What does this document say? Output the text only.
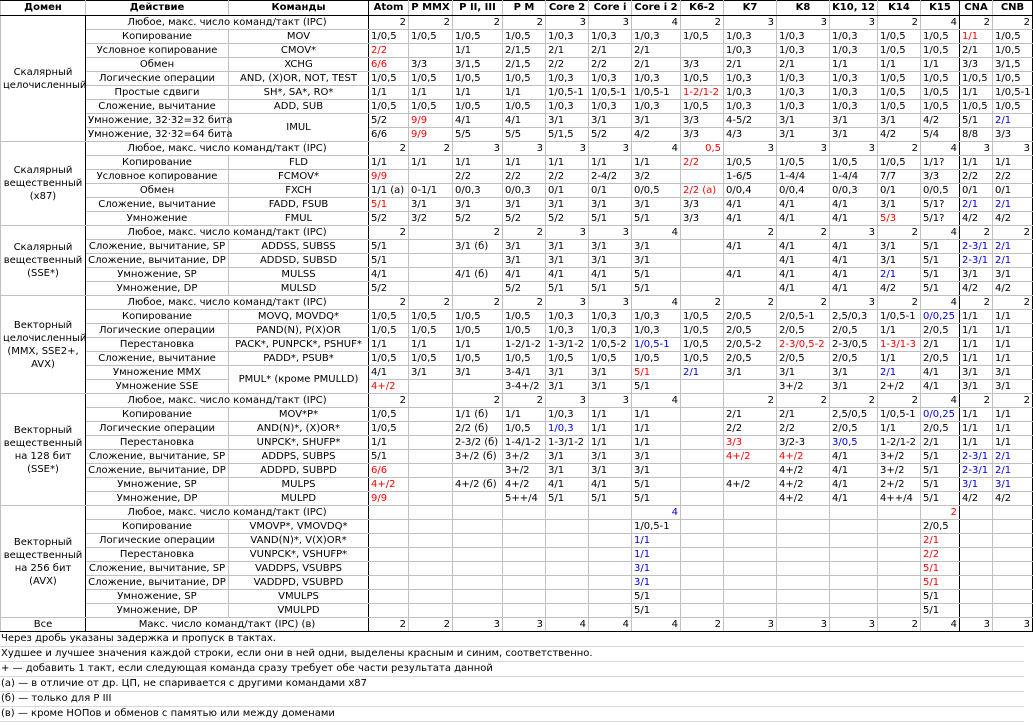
Домен	Действие	Команды	Atom	P MMX	P II, III	P M	Core 2	Core i	Core i 2	K6-2	K7	K8	K10, 12	K14	K15	CNA	CNB
Скалярный целочисленный	Любое, макс. число команд/такт (IPC)		2	2	2	2	3	3	4	2	3	3	3	2	4	2	2
	Копирование	MOV	1/0,5	1/0,5	1/0,5	1/0,5	1/0,3	1/0,3	1/0,3	1/0,5	1/0,3	1/0,3	1/0,3	1/0,5	1/0,5	1/1	1/0,5
	Условное копирование	CMOV*	2/2		1/1	2/1,5	2/1	2/1	2/1		1/0,3	1/0,3	1/0,3	1/0,5	1/0,5	2/1	1/0,5
	Обмен	XCHG	6/6	3/3	3/1,5	2/1,5	2/2	2/2	2/1	3/3	2/1	2/1	1/1	1/1	1/1	3/3	3/1,5
	Логические операции	AND, (X)OR, NOT, TEST	1/0,5	1/0,5	1/0,5	1/0,5	1/0,3	1/0,3	1/0,3	1/0,5	1/0,3	1/0,3	1/0,3	1/0,5	1/0,5	1/0,5	1/0,5
	Простые сдвиги	SH*, SA*, RO*	1/1	1/1	1/1	1/1	1/0,5-1	1/0,5-1	1/0,5-1	1-2/1-2	1/0,3	1/0,3	1/0,3	1/0,5	1/0,5	1/1	1/0,5-1
	Сложение, вычитание	ADD, SUB	1/0,5	1/0,5	1/0,5	1/0,5	1/0,3	1/0,3	1/0,3	1/0,5	1/0,3	1/0,3	1/0,3	1/0,5	1/0,5	1/0,5	1/0,5
	Умножение, 32·32=32 бита	IMUL	5/2	9/9	4/1	4/1	3/1	3/1	3/1	3/3	4-5/2	3/1	3/1	3/1	4/2	5/1	2/1
	Умножение, 32·32=64 бита		6/6	9/9	5/5	5/5	5/1,5	5/2	4/2	3/3	4/3	3/1	3/1	4/2	5/4	8/8	3/3
Скалярный вещественный (x87)	Любое, макс. число команд/такт (IPC)		2	2	3	3	3	3	4	0,5	3	3	3	2	4	3	3
	Копирование	FLD	1/1	1/1	1/1	1/1	1/1	1/1	1/1	2/2	1/0,5	1/0,5	1/0,5	1/0,5	1/1?	1/1	1/1
	Условное копирование	FCMOV*	9/9		2/2	2/2	2/2	2-4/2	3/2		1-6/5	1-4/4	1-4/4	7/7	3/3	2/2	2/2
	Обмен	FXCH	1/1 (а)	0-1/1	0/0,3	0/0,3	0/1	0/1	0/0,5	2/2 (а)	0/0,4	0/0,4	0/0,3	0/1	0/0,5	0/1	0/1
	Сложение, вычитание	FADD, FSUB	5/1	3/1	3/1	3/1	3/1	3/1	3/1	3/3	4/1	4/1	4/1	3/1	5/1?	2/1	2/1
	Умножение	FMUL	5/2	3/2	5/2	5/2	5/2	5/1	5/1	3/3	4/1	4/1	4/1	5/3	5/1?	4/2	4/2
Скалярный вещественный (SSE*)	Любое, макс. число команд/такт (IPC)		2		2	2	3	3	4		2	2	3	2	4	2	2
	Сложение, вычитание, SP	ADDSS, SUBSS	5/1		3/1 (б)	3/1	3/1	3/1	3/1		4/1	4/1	4/1	3/1	5/1	2-3/1	2/1
	Сложение, вычитание, DP	ADDSD, SUBSD	5/1			3/1	3/1	3/1	3/1			4/1	4/1	3/1	5/1	2-3/1	2/1
	Умножение, SP	MULSS	4/1		4/1 (б)	4/1	4/1	4/1	5/1		4/1	4/1	4/1	2/1	5/1	3/1	3/1
	Умножение, DP	MULSD	5/2			5/2	5/1	5/1	5/1			4/1	4/1	4/2	5/1	4/2	4/2
Векторный целочисленный (MMX, SSE2+, AVX)	Любое, макс. число команд/такт (IPC)		2	2	2	2	3	3	4	2	2	2	3	2	4	2	2
	Копирование	MOVQ, MOVDQ*	1/0,5	1/0,5	1/0,5	1/0,5	1/0,3	1/0,3	1/0,3	1/0,5	2/0,5	2/0,5-1	2,5/0,3	1/0,5-1	0/0,25	1/1	1/1
	Логические операции	PAND(N), P(X)OR	1/0,5	1/0,5	1/0,5	1/0,5	1/0,3	1/0,3	1/0,3	1/0,5	2/0,5	2/0,5	2/0,5	1/1	2/0,5	1/1	1/1
	Перестановка	PACK*, PUNPCK*, PSHUF*	1/1	1/1	1/1	1-2/1-2	1-3/1-2	1/0,5-2	1/0,5-1	1/0,5	2/0,5-2	2-3/0,5-2	2-3/0,5	1-3/1-3	2/1	1/1	1/1
	Сложение, вычитание	PADD*, PSUB*	1/0,5	1/0,5	1/0,5	1/0,5	1/0,5	1/0,5	1/0,5	1/0,5	2/0,5	2/0,5	2/0,5	1/1	2/0,5	1/1	1/1
	Умножение MMX	PMUL* (кроме PMULLD)	4/1	3/1	3/1	3-4/1	3/1	3/1	5/1	2/1	3/1	3/1	3/1	2/1	4/1	3/1	3/1
	Умножение SSE		4+/2			3-4+/2	3/1	3/1	5/1			3+/2	3/1	2+/2	4/1	3/1	3/1
Векторный вещественный на 128 бит (SSE*)	Любое, макс. число команд/такт (IPC)		2		2	2	3	3	4		2	2	2	2	4	2	2
	Копирование	MOV*P*	1/0,5		1/1 (б)	1/1	1/0,3	1/1	1/1		2/1	2/1	2,5/0,5	1/0,5-1	0/0,25	1/1	1/1
	Логические операции	AND(N)*, (X)OR*	1/0,5		2/2 (б)	1/0,5	1/0,3	1/1	1/1		2/2	2/2	2/0,5	1/1	2/0,5	1/1	1/1
	Перестановка	UNPCK*, SHUFP*	1/1		2-3/2 (б)	1-4/1-2	1-3/1-2	1/1	1/1		3/3	3/2-3	3/0,5	1-2/1-2	2/1	1/1	1/1
	Сложение, вычитание, SP	ADDPS, SUBPS	5/1		3+/2 (б)	3+/2	3/1	3/1	3/1		4+/2	4+/2	4/1	3+/2	5/1	2-3/1	2/1
	Сложение, вычитание, DP	ADDPD, SUBPD	6/6			3+/2	3/1	3/1	3/1			4+/2	4/1	3+/2	5/1	2-3/1	2/1
	Умножение, SP	MULPS	4+/2		4+/2 (б)	4+/2	4/1	4/1	5/1		4+/2	4+/2	4/1	2+/2	5/1	3/1	3/1
	Умножение, DP	MULPD	9/9			5++/4	5/1	5/1	5/1			4+/2	4/1	4++/4	5/1	4/2	4/2
Векторный вещественный на 256 бит (AVX)	Любое, макс. число команд/такт (IPC)								4						2		
	Копирование	VMOVP*, VMOVDQ*							1/0,5-1						2/0,5		
	Логические операции	VAND(N)*, V(X)OR*							1/1						2/1		
	Перестановка	VUNPCK*, VSHUFP*							1/1						2/2		
	Сложение, вычитание, SP	VADDPS, VSUBPS							3/1						5/1		
	Сложение, вычитание, DP	VADDPD, VSUBPD							3/1						5/1		
	Умножение, SP	VMULPS							5/1						5/1		
	Умножение, DP	VMULPD							5/1						5/1		
Все	Макс. число команд/такт (IPC) (в)		2	2	3	3	4	4	4	2	3	3	3	2	4	3	3
Через дробь указаны задержка и пропуск в тактах.
Худшее и лучшее значения каждой строки, если они в ней одни, выделены красным и синим, соответственно.
+ — добавить 1 такт, если следующая команда сразу требует обе части результата данной
(а) — в отличие от др. ЦП, не спаривается с другими командами x87
(б) — только для P III
(в) — кроме НОПов и обменов с памятью или между доменами
